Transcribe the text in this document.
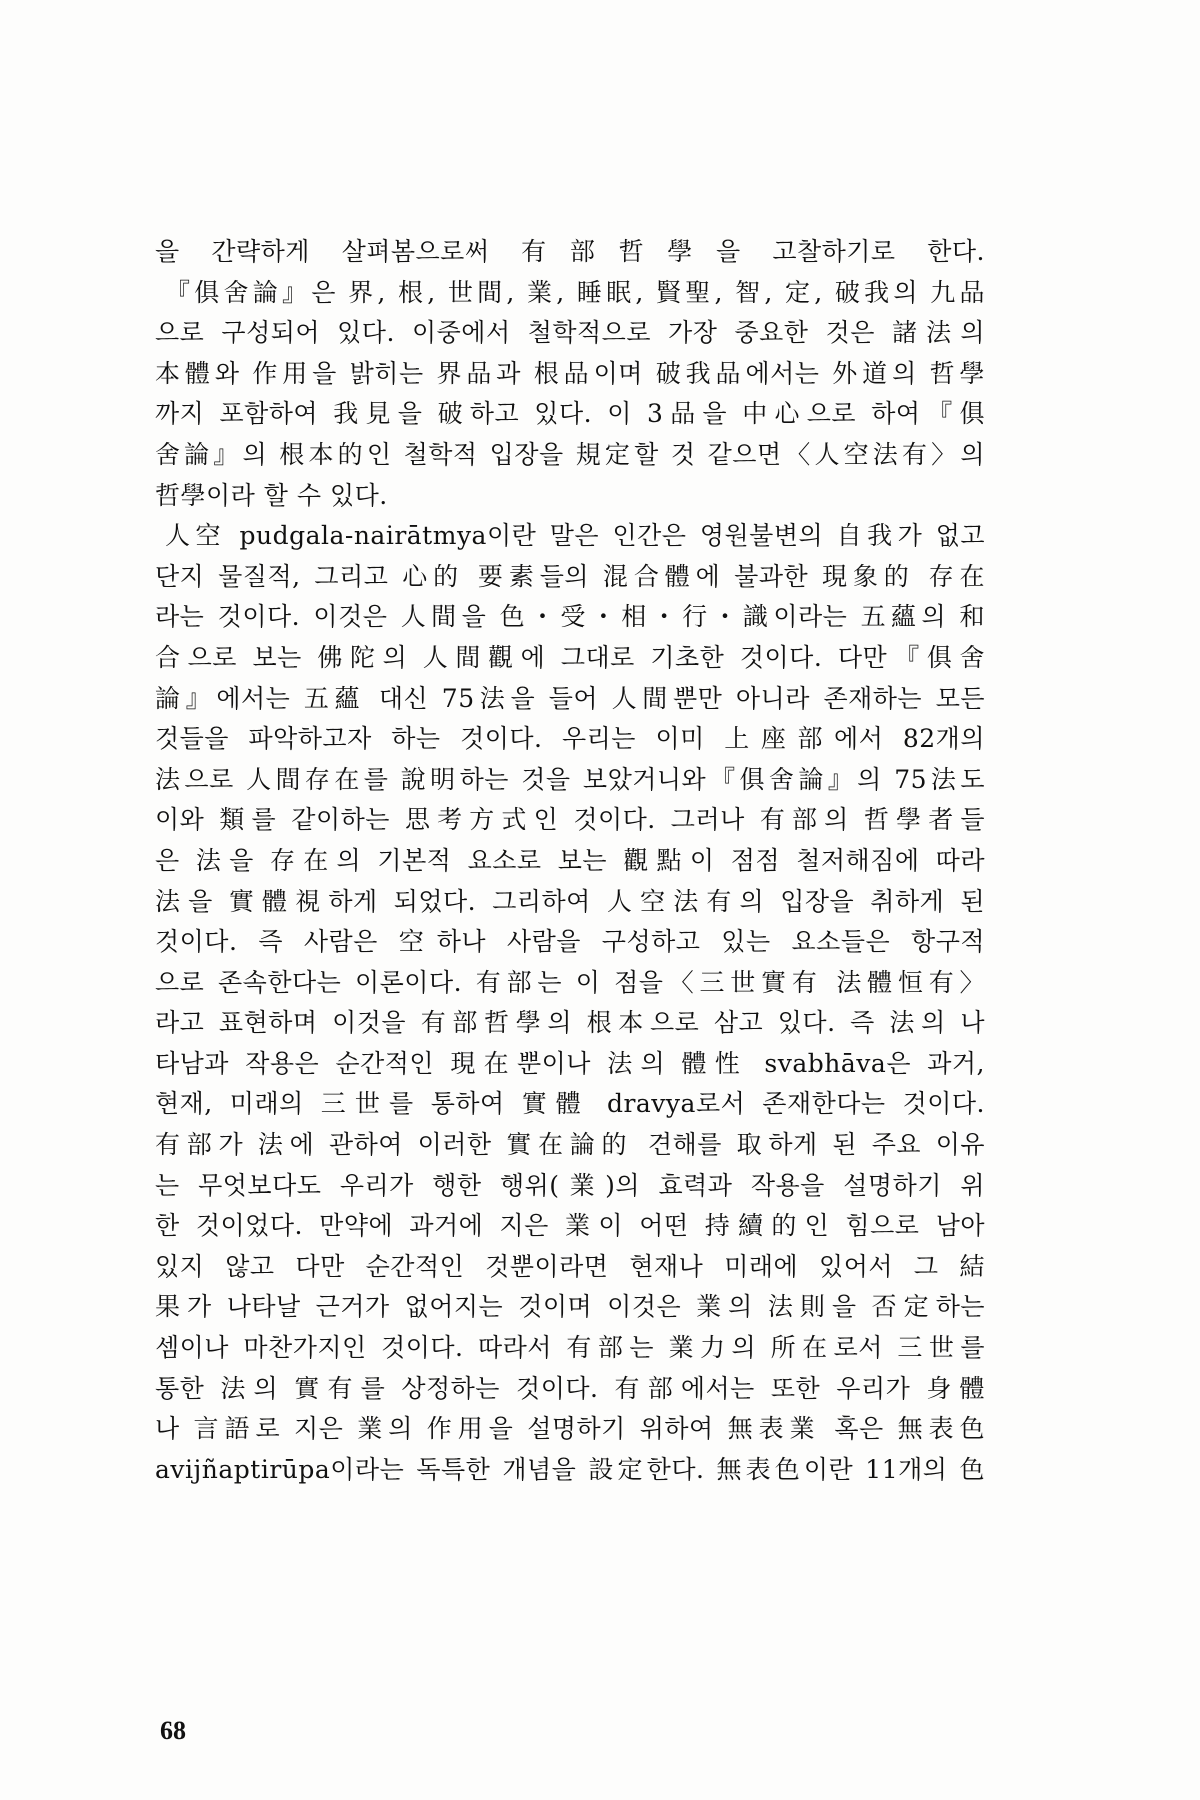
을 간략하게 살펴봄으로써 有部哲學을 고찰하기로 한다.
『俱舍論』은 界, 根, 世間, 業, 睡眠, 賢聖, 智, 定, 破我의 九品
으로 구성되어 있다. 이중에서 철학적으로 가장 중요한 것은 諸法의
本體와 作用을 밝히는 界品과 根品이며 破我品에서는 外道의 哲學
까지 포함하여 我見을 破하고 있다. 이 3品을 中心으로 하여『俱
舍論』의 根本的인 철학적 입장을 規定할 것 같으면〈人空法有〉의
哲學이라 할 수 있다.
人空 pudgala-nairātmya이란 말은 인간은 영원불변의 自我가 없고
단지 물질적, 그리고 心的 要素들의 混合體에 불과한 現象的 存在
라는 것이다. 이것은 人間을 色・受・相・行・識이라는 五蘊의 和
合으로 보는 佛陀의 人間觀에 그대로 기초한 것이다. 다만『俱舍
論』에서는 五蘊 대신 75法을 들어 人間뿐만 아니라 존재하는 모든
것들을 파악하고자 하는 것이다. 우리는 이미 上座部에서 82개의
法으로 人間存在를 說明하는 것을 보았거니와『俱舍論』의 75法도
이와 類를 같이하는 思考方式인 것이다. 그러나 有部의 哲學者들
은 法을 存在의 기본적 요소로 보는 觀點이 점점 철저해짐에 따라
法을 實體視하게 되었다. 그리하여 人空法有의 입장을 취하게 된
것이다. 즉 사람은 空하나 사람을 구성하고 있는 요소들은 항구적
으로 존속한다는 이론이다. 有部는 이 점을〈三世實有 法體恒有〉
라고 표현하며 이것을 有部哲學의 根本으로 삼고 있다. 즉 法의 나
타남과 작용은 순간적인 現在뿐이나 法의 體性 svabhāva은 과거,
현재, 미래의 三世를 통하여 實體 dravya로서 존재한다는 것이다.
有部가 法에 관하여 이러한 實在論的 견해를 取하게 된 주요 이유
는 무엇보다도 우리가 행한 행위(業)의 효력과 작용을 설명하기 위
한 것이었다. 만약에 과거에 지은 業이 어떤 持續的인 힘으로 남아
있지 않고 다만 순간적인 것뿐이라면 현재나 미래에 있어서 그 結
果가 나타날 근거가 없어지는 것이며 이것은 業의 法則을 否定하는
셈이나 마찬가지인 것이다. 따라서 有部는 業力의 所在로서 三世를
통한 法의 實有를 상정하는 것이다. 有部에서는 또한 우리가 身體
나 言語로 지은 業의 作用을 설명하기 위하여 無表業 혹은 無表色
avijñaptirūpa이라는 독특한 개념을 設定한다. 無表色이란 11개의 色
68
